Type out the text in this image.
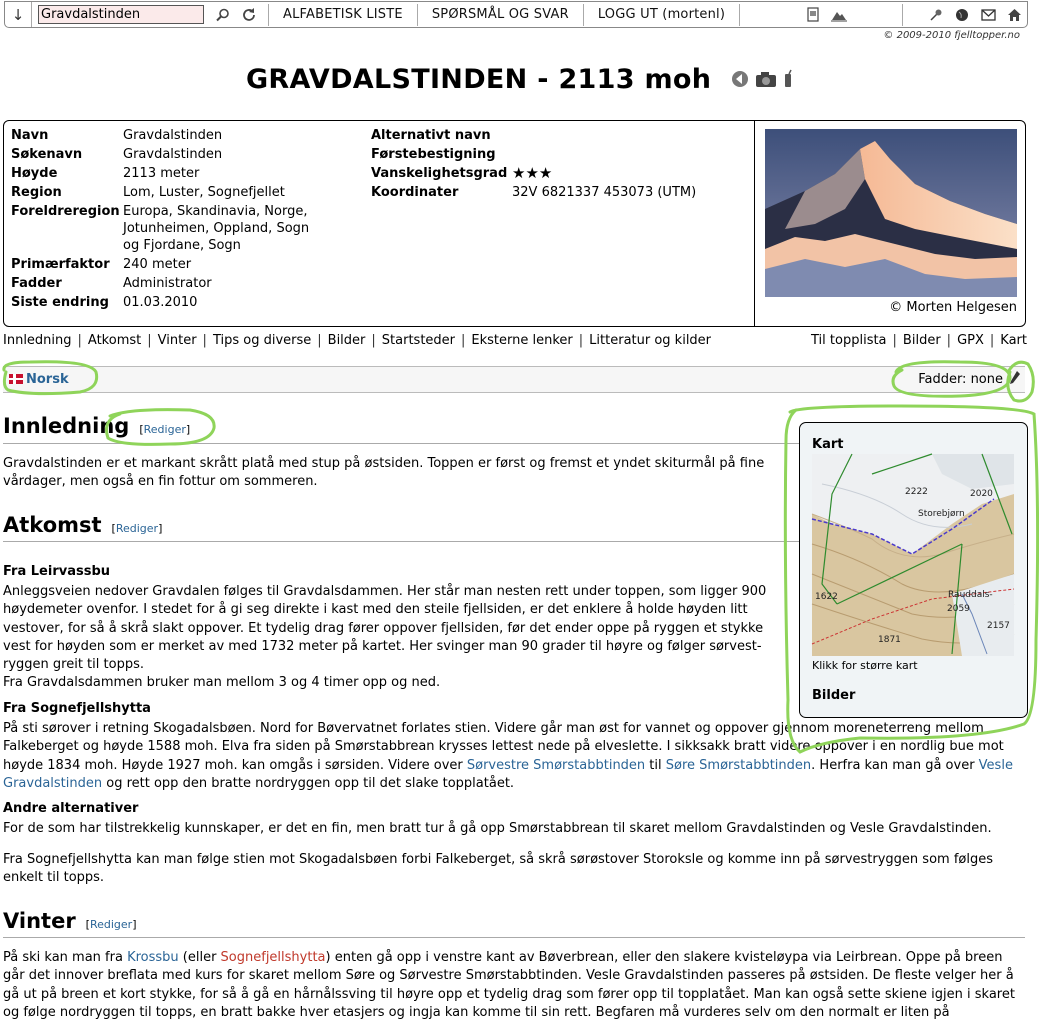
↓
Gravdalstinden	ALFABETISK LISTE	SPØRSMÅL OG SVAR	LOGG UT (mortenl)
© 2009-2010 fjelltopper.no
GRAVDALSTINDEN - 2113 moh
Navn	Gravdalstinden
Søkenavn	Gravdalstinden
Høyde	2113 meter
Region	Lom, Luster, Sognefjellet
Foreldreregion	Europa, Skandinavia, Norge, Jotunheimen, Oppland, Sogn og Fjordane, Sogn
Primærfaktor	240 meter
Fadder	Administrator
Siste endring	01.03.2010
Alternativt navn	
Førstebestigning	
Vanskelighetsgrad	★★★
Koordinater	32V 6821337 453073 (UTM)
© Morten Helgesen
Innledning | Atkomst | Vinter | Tips og diverse | Bilder | Startsteder | Eksterne lenker | Litteratur og kilder	Til topplista | Bilder | GPX | Kart
Norsk	Fadder: none
Innledning [Rediger]
Gravdalstinden er et markant skrått platå med stup på østsiden. Toppen er først og fremst et yndet skiturmål på fine vårdager, men også en fin fottur om sommeren.
Atkomst [Rediger]
Fra Leirvassbu
Anleggsveien nedover Gravdalen følges til Gravdalsdammen. Her står man nesten rett under toppen, som ligger 900 høydemeter ovenfor. I stedet for å gi seg direkte i kast med den steile fjellsiden, er det enklere å holde høyden litt vestover, for så å skrå slakt oppover. Et tydelig drag fører oppover fjellsiden, før det ender oppe på ryggen et stykke vest for høyden som er merket av med 1732 meter på kartet. Her svinger man 90 grader til høyre og følger sørvest-ryggen greit til topps.
Fra Gravdalsdammen bruker man mellom 3 og 4 timer opp og ned.
Fra Sognefjellshytta
På sti sørover i retning Skogadalsbøen. Nord for Bøvervatnet forlates stien. Videre går man øst for vannet og oppover gjennom moreneterreng mellom Falkeberget og høyde 1588 moh. Elva fra siden på Smørstabbrean krysses lettest nede på elveslette. I sikksakk bratt videre oppover i en nordlig bue mot høyde 1834 moh. Høyde 1927 moh. kan omgås i sørsiden. Videre over Sørvestre Smørstabbtinden til Søre Smørstabbtinden. Herfra kan man gå over Vesle Gravdalstinden og rett opp den bratte nordryggen opp til det slake topplatået.
Andre alternativer
For de som har tilstrekkelig kunnskaper, er det en fin, men bratt tur å gå opp Smørstabbrean til skaret mellom Gravdalstinden og Vesle Gravdalstinden.
Fra Sognefjellshytta kan man følge stien mot Skogadalsbøen forbi Falkeberget, så skrå sørøstover Storoksle og komme inn på sørvestryggen som følges enkelt til topps.
Vinter [Rediger]
På ski kan man fra Krossbu (eller Sognefjellshytta) enten gå opp i venstre kant av Bøverbrean, eller den slakere kvisteløypa via Leirbrean. Oppe på breen går det innover breflata med kurs for skaret mellom Søre og Sørvestre Smørstabbtinden. Vesle Gravdalstinden passeres på østsiden. De fleste velger her å gå ut på breen et kort stykke, for så å gå en hårnålssving til høyre opp et tydelig drag som fører opp til topplatået. Man kan også sette skiene igjen i skaret og følge nordryggen til topps, en bratt bakke hver etasjers og ingja kan komme til sin rett. Begfaren må vurderes selv om den normalt er liten på
Kart
2222	2020
Storebjørn
1622	Rauddals-
2059
2157
1871
Klikk for større kart
Bilder
